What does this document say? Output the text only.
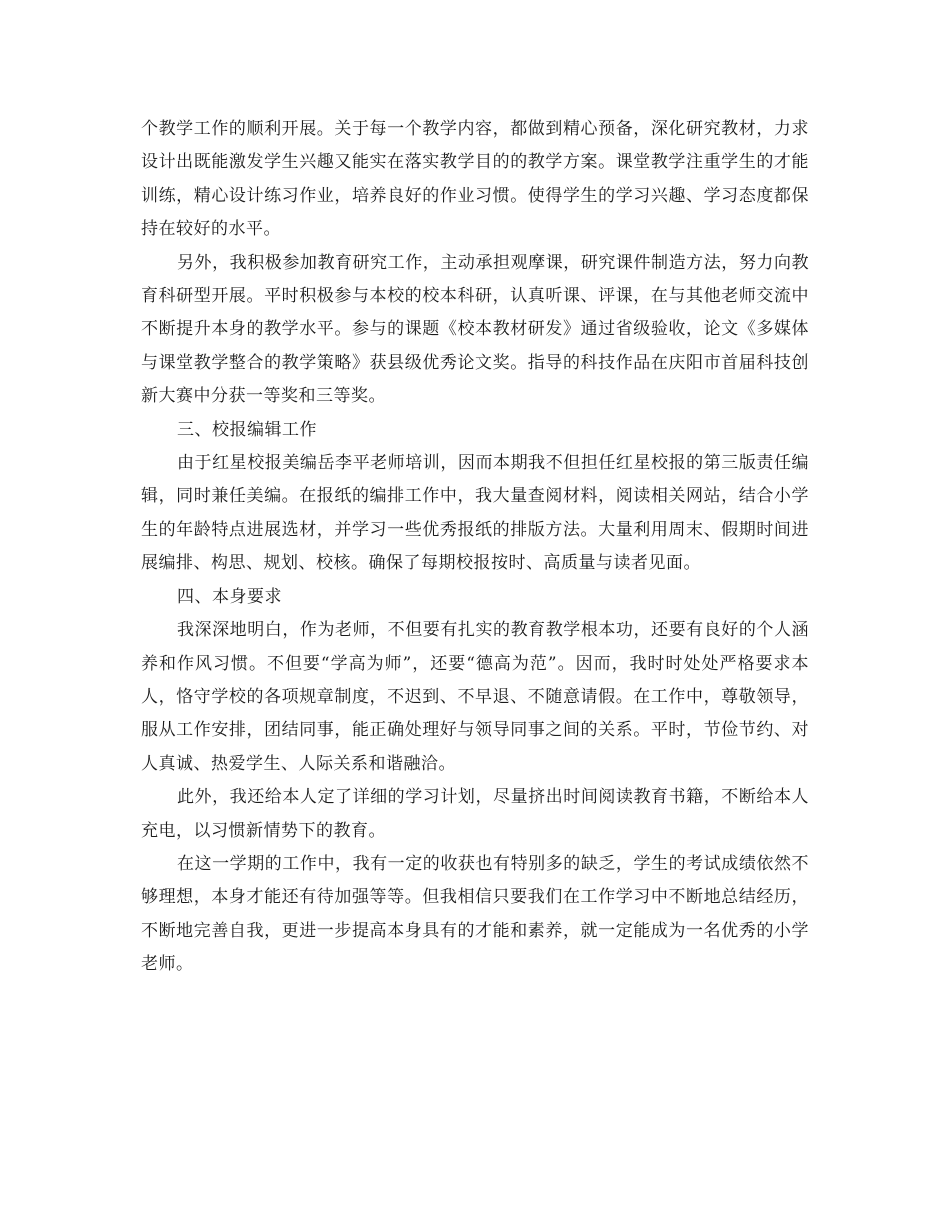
个教学工作的顺利开展。关于每一个教学内容，都做到精心预备，深化研究教材，力求设计出既能激发学生兴趣又能实在落实教学目的的教学方案。课堂教学注重学生的才能训练，精心设计练习作业，培养良好的作业习惯。使得学生的学习兴趣、学习态度都保持在较好的水平。

另外，我积极参加教育研究工作，主动承担观摩课，研究课件制造方法，努力向教育科研型开展。平时积极参与本校的校本科研，认真听课、评课，在与其他老师交流中不断提升本身的教学水平。参与的课题《校本教材研发》通过省级验收，论文《多媒体与课堂教学整合的教学策略》获县级优秀论文奖。指导的科技作品在庆阳市首届科技创新大赛中分获一等奖和三等奖。

三、校报编辑工作

由于红星校报美编岳李平老师培训，因而本期我不但担任红星校报的第三版责任编辑，同时兼任美编。在报纸的编排工作中，我大量查阅材料，阅读相关网站，结合小学生的年龄特点进展选材，并学习一些优秀报纸的排版方法。大量利用周末、假期时间进展编排、构思、规划、校核。确保了每期校报按时、高质量与读者见面。

四、本身要求

我深深地明白，作为老师，不但要有扎实的教育教学根本功，还要有良好的个人涵养和作风习惯。不但要“学高为师”，还要“德高为范”。因而，我时时处处严格要求本人，恪守学校的各项规章制度，不迟到、不早退、不随意请假。在工作中，尊敬领导，服从工作安排，团结同事，能正确处理好与领导同事之间的关系。平时，节俭节约、对人真诚、热爱学生、人际关系和谐融洽。

此外，我还给本人定了详细的学习计划，尽量挤出时间阅读教育书籍，不断给本人充电，以习惯新情势下的教育。

在这一学期的工作中，我有一定的收获也有特别多的缺乏，学生的考试成绩依然不够理想，本身才能还有待加强等等。但我相信只要我们在工作学习中不断地总结经历，不断地完善自我，更进一步提高本身具有的才能和素养，就一定能成为一名优秀的小学老师。
